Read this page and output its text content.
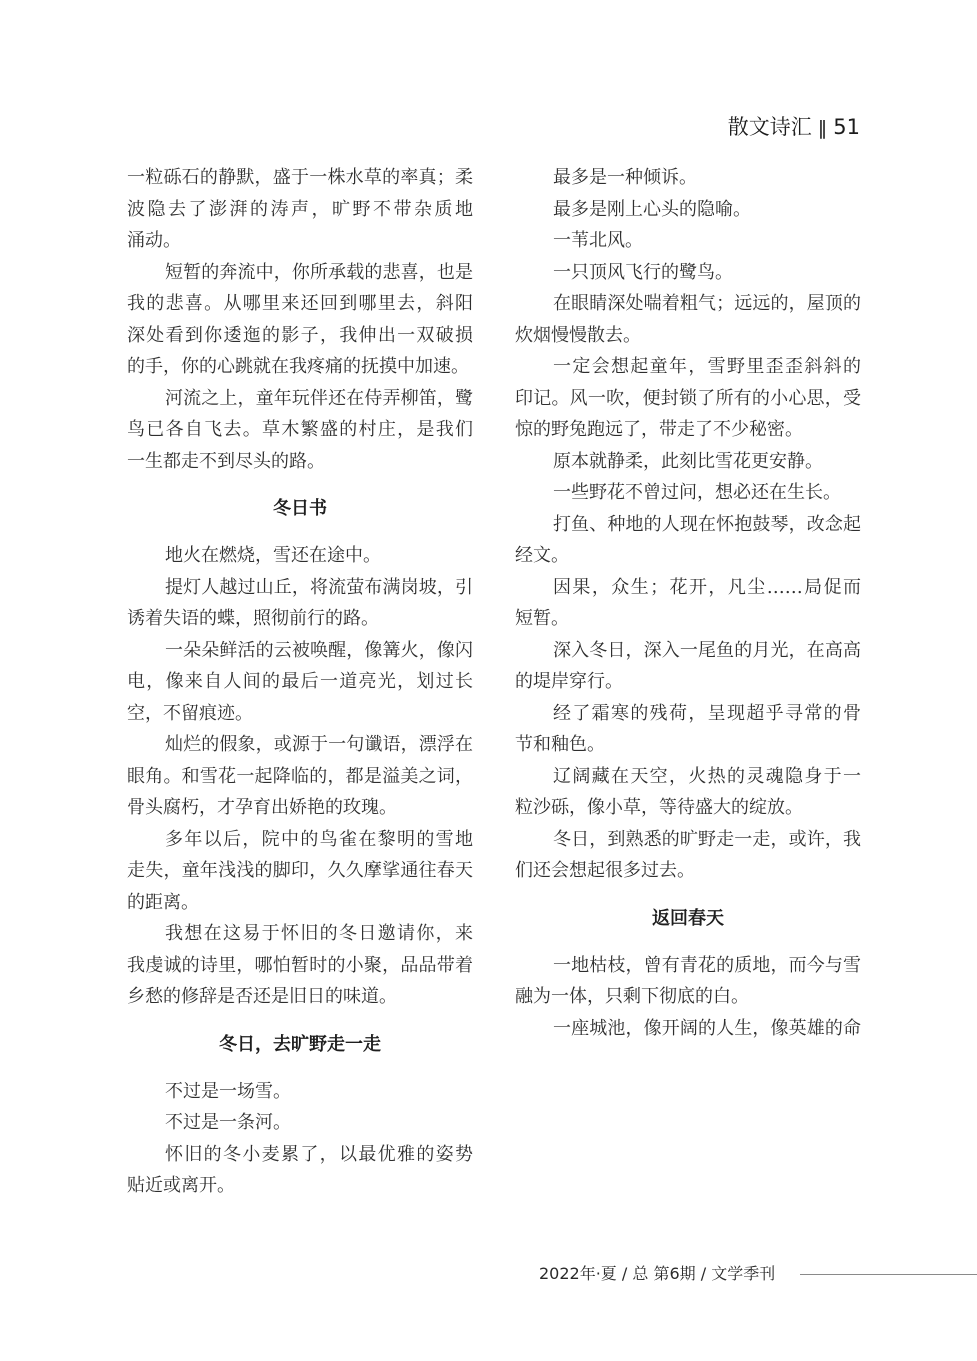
散文诗汇 ‖ 51
一粒砾石的静默，盛于一株水草的率真；柔
波隐去了澎湃的涛声，旷野不带杂质地
涌动。
短暂的奔流中，你所承载的悲喜，也是
我的悲喜。从哪里来还回到哪里去，斜阳
深处看到你逶迤的影子，我伸出一双破损
的手，你的心跳就在我疼痛的抚摸中加速。
河流之上，童年玩伴还在侍弄柳笛，鹭
鸟已各自飞去。草木繁盛的村庄，是我们
一生都走不到尽头的路。
冬日书
地火在燃烧，雪还在途中。
提灯人越过山丘，将流萤布满岗坡，引
诱着失语的蝶，照彻前行的路。
一朵朵鲜活的云被唤醒，像篝火，像闪
电，像来自人间的最后一道亮光，划过长
空，不留痕迹。
灿烂的假象，或源于一句谶语，漂浮在
眼角。和雪花一起降临的，都是溢美之词，
骨头腐朽，才孕育出娇艳的玫瑰。
多年以后，院中的鸟雀在黎明的雪地
走失，童年浅浅的脚印，久久摩挲通往春天
的距离。
我想在这易于怀旧的冬日邀请你，来
我虔诚的诗里，哪怕暂时的小聚，品品带着
乡愁的修辞是否还是旧日的味道。
冬日，去旷野走一走
不过是一场雪。
不过是一条河。
怀旧的冬小麦累了，以最优雅的姿势
贴近或离开。
最多是一种倾诉。
最多是刚上心头的隐喻。
一苇北风。
一只顶风飞行的鹭鸟。
在眼睛深处喘着粗气；远远的，屋顶的
炊烟慢慢散去。
一定会想起童年，雪野里歪歪斜斜的
印记。风一吹，便封锁了所有的小心思，受
惊的野兔跑远了，带走了不少秘密。
原本就静柔，此刻比雪花更安静。
一些野花不曾过问，想必还在生长。
打鱼、种地的人现在怀抱鼓琴，改念起
经文。
因果，众生；花开，凡尘……局促而
短暂。
深入冬日，深入一尾鱼的月光，在高高
的堤岸穿行。
经了霜寒的残荷，呈现超乎寻常的骨
节和釉色。
辽阔藏在天空，火热的灵魂隐身于一
粒沙砾，像小草，等待盛大的绽放。
冬日，到熟悉的旷野走一走，或许，我
们还会想起很多过去。
返回春天
一地枯枝，曾有青花的质地，而今与雪
融为一体，只剩下彻底的白。
一座城池，像开阔的人生，像英雄的命
2022年·夏 / 总 第6期 / 文学季刊
